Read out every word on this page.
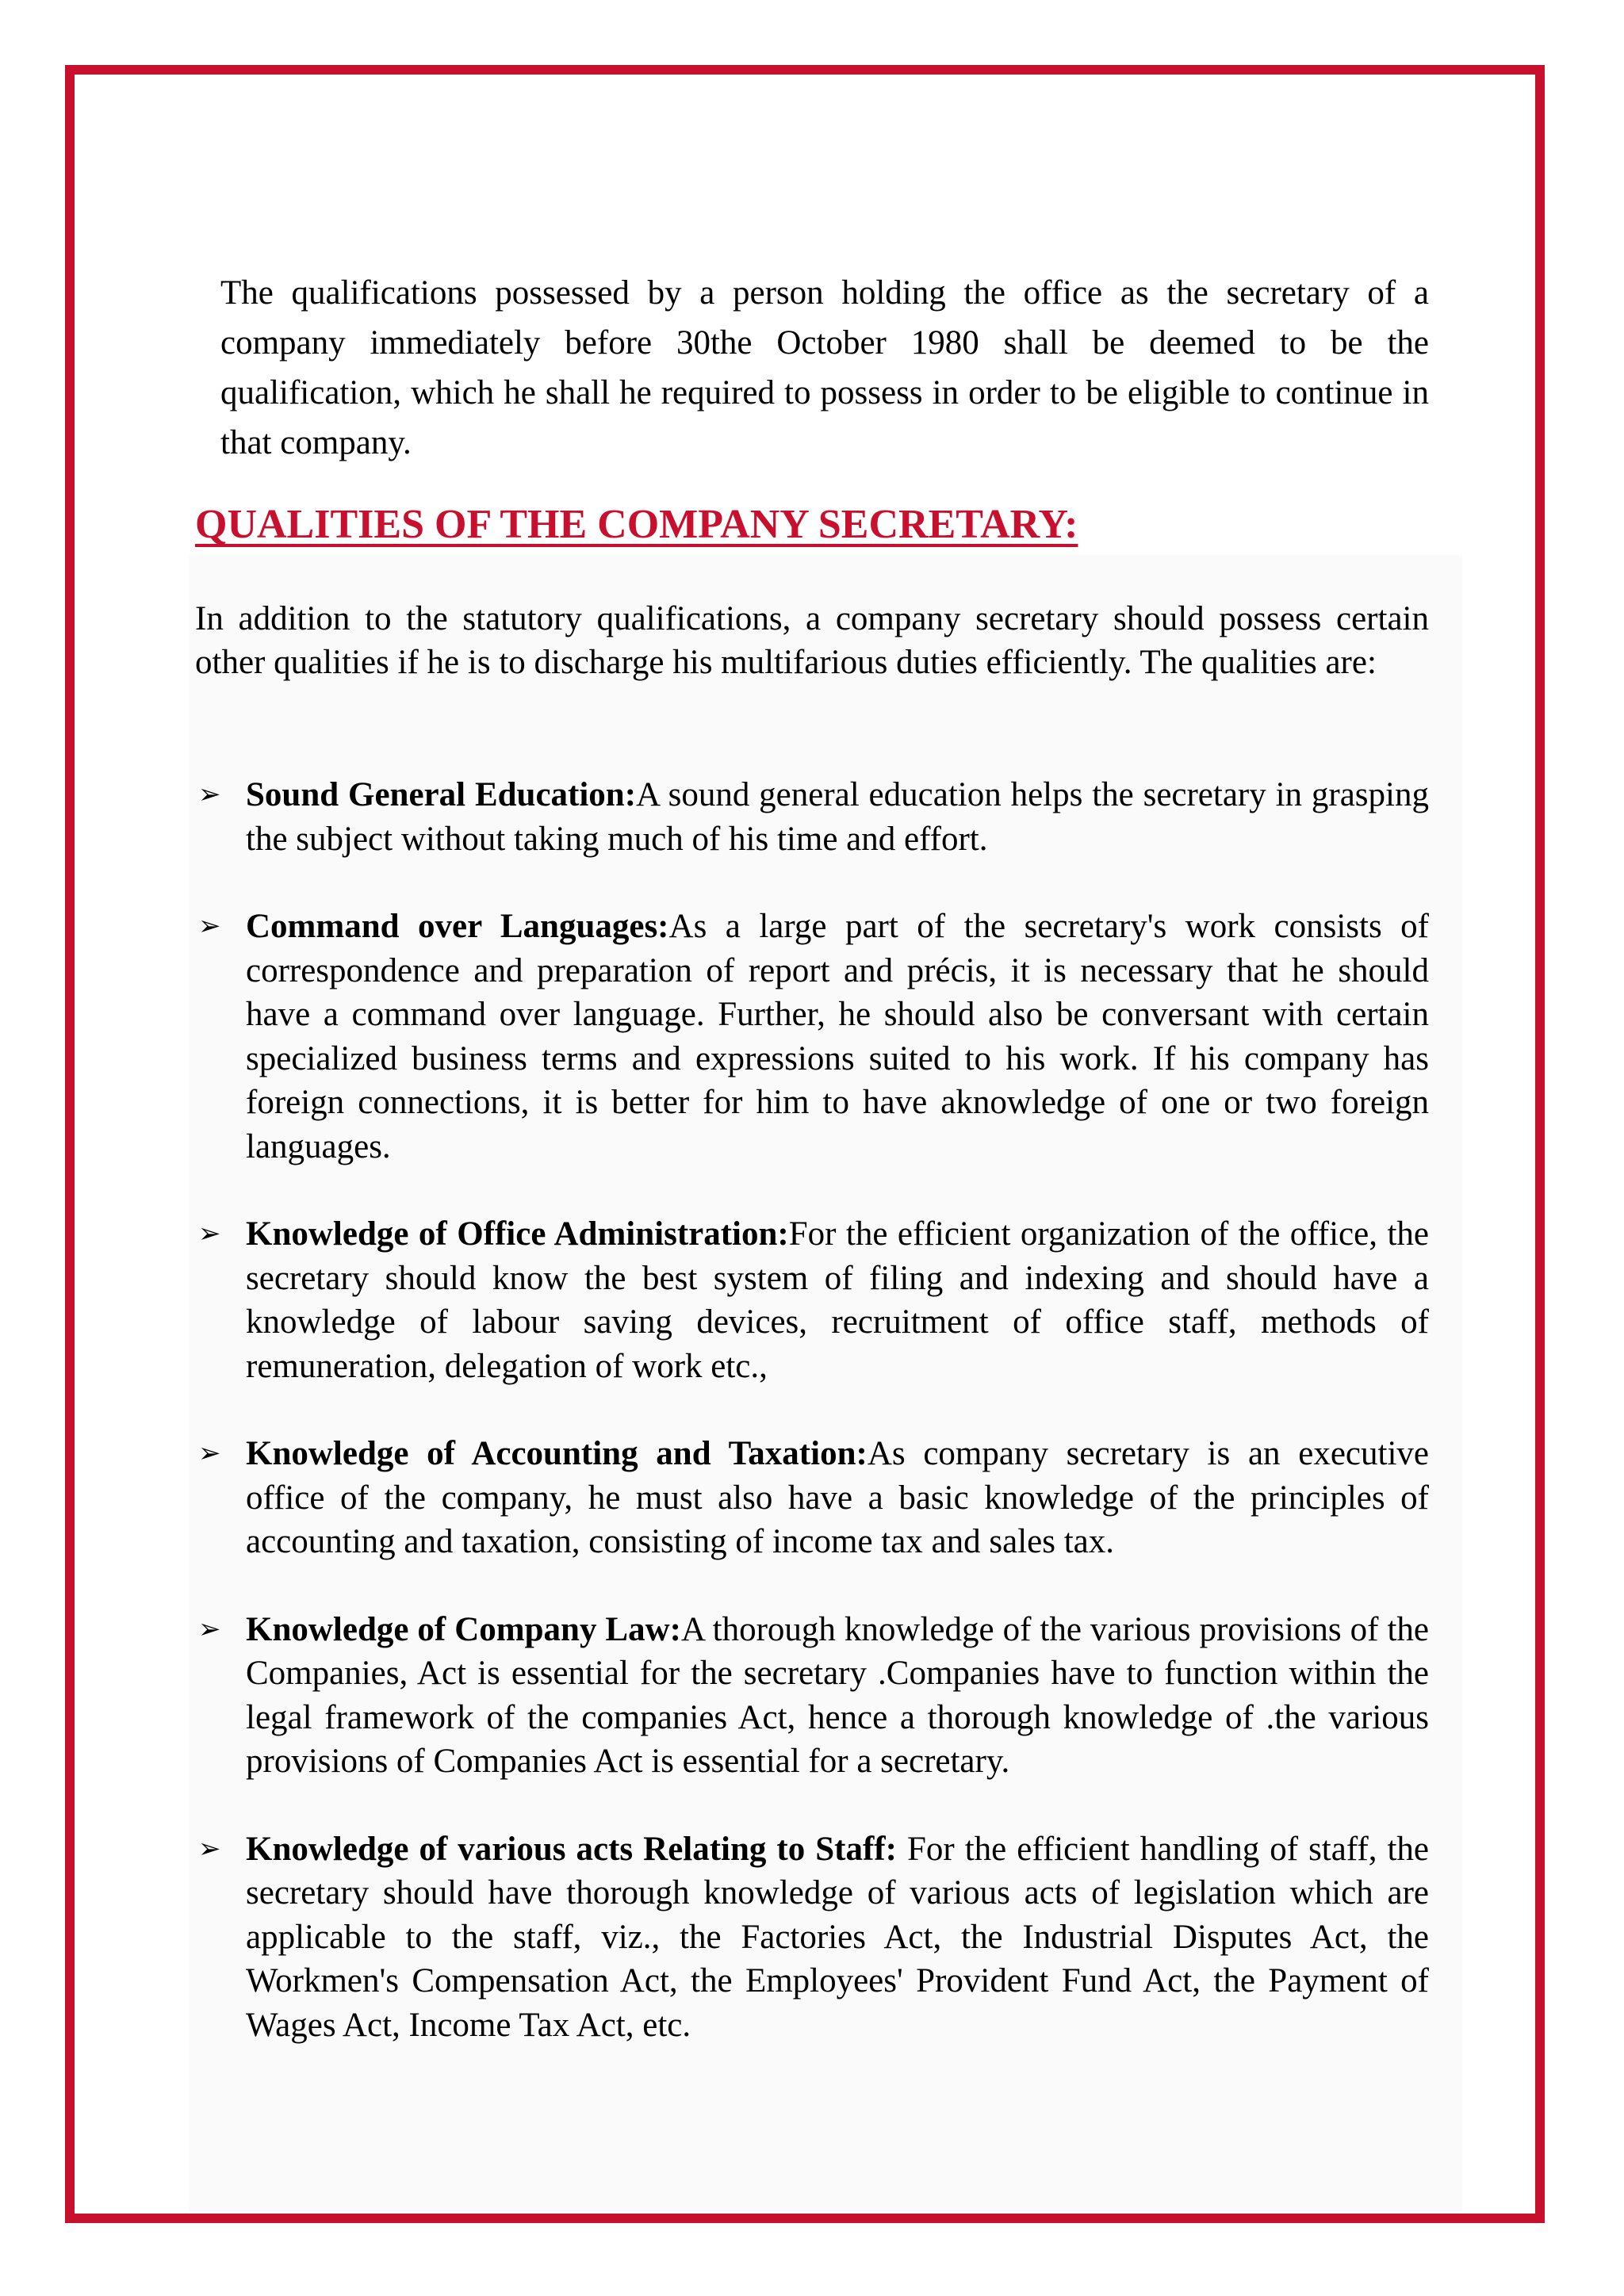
The qualifications possessed by a person holding the office as the secretary of a company immediately before 30the October 1980 shall be deemed to be the qualification, which he shall he required to possess in order to be eligible to continue in that company.

QUALITIES OF THE COMPANY SECRETARY:

In addition to the statutory qualifications, a company secretary should possess certain other qualities if he is to discharge his multifarious duties efficiently. The qualities are:

➢ Sound General Education:A sound general education helps the secretary in grasping the subject without taking much of his time and effort.
➢ Command over Languages:As a large part of the secretary's work consists of correspondence and preparation of report and précis, it is necessary that he should have a command over language. Further, he should also be conversant with certain specialized business terms and expressions suited to his work. If his company has foreign connections, it is better for him to have aknowledge of one or two foreign languages.
➢ Knowledge of Office Administration:For the efficient organization of the office, the secretary should know the best system of filing and indexing and should have a knowledge of labour saving devices, recruitment of office staff, methods of remuneration, delegation of work etc.,
➢ Knowledge of Accounting and Taxation:As company secretary is an executive office of the company, he must also have a basic knowledge of the principles of accounting and taxation, consisting of income tax and sales tax.
➢ Knowledge of Company Law:A thorough knowledge of the various provisions of the Companies, Act is essential for the secretary .Companies have to function within the legal framework of the companies Act, hence a thorough knowledge of .the various provisions of Companies Act is essential for a secretary.
➢ Knowledge of various acts Relating to Staff: For the efficient handling of staff, the secretary should have thorough knowledge of various acts of legislation which are applicable to the staff, viz., the Factories Act, the Industrial Disputes Act, the Workmen's Compensation Act, the Employees' Provident Fund Act, the Payment of Wages Act, Income Tax Act, etc.
